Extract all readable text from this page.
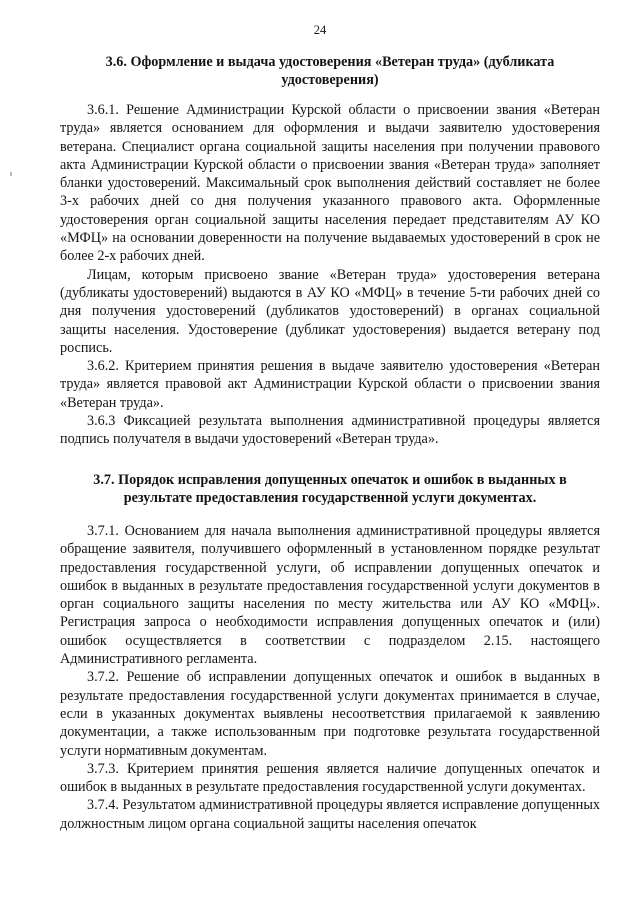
24
3.6. Оформление и выдача удостоверения «Ветеран труда» (дубликата удостоверения)

3.6.1. Решение Администрации Курской области о присвоении звания «Ветеран труда» является основанием для оформления и выдачи заявителю удостоверения ветерана. Специалист органа социальной защиты населения при получении правового акта Администрации Курской области о присвоении звания «Ветеран труда» заполняет бланки удостоверений. Максимальный срок выполнения действий составляет не более 3-х рабочих дней со дня получения указанного правового акта. Оформленные удостоверения орган социальной защиты населения передает представителям АУ КО «МФЦ» на основании доверенности на получение выдаваемых удостоверений в срок не более 2-х рабочих дней.

Лицам, которым присвоено звание «Ветеран труда» удостоверения ветерана (дубликаты удостоверений) выдаются в АУ КО «МФЦ» в течение 5-ти рабочих дней со дня получения удостоверений (дубликатов удостоверений) в органах социальной защиты населения. Удостоверение (дубликат удостоверения) выдается ветерану под роспись.

3.6.2. Критерием принятия решения в выдаче заявителю удостоверения «Ветеран труда» является правовой акт Администрации Курской области о присвоении звания «Ветеран труда».

3.6.3 Фиксацией результата выполнения административной процедуры является подпись получателя в выдачи удостоверений «Ветеран труда».

3.7. Порядок исправления допущенных опечаток и ошибок в выданных в результате предоставления государственной услуги документах.

3.7.1. Основанием для начала выполнения административной процедуры является обращение заявителя, получившего оформленный в установленном порядке результат предоставления государственной услуги, об исправлении допущенных опечаток и ошибок в выданных в результате предоставления государственной услуги документов в орган социального защиты населения по месту жительства или АУ КО «МФЦ». Регистрация запроса о необходимости исправления допущенных опечаток и (или) ошибок осуществляется в соответствии с подразделом 2.15. настоящего Административного регламента.

3.7.2. Решение об исправлении допущенных опечаток и ошибок в выданных в результате предоставления государственной услуги документах принимается в случае, если в указанных документах выявлены несоответствия прилагаемой к заявлению документации, а также использованным при подготовке результата государственной услуги нормативным документам.

3.7.3. Критерием принятия решения является наличие допущенных опечаток и ошибок в выданных в результате предоставления государственной услуги документах.

3.7.4. Результатом административной процедуры является исправление допущенных должностным лицом органа социальной защиты населения опечаток
